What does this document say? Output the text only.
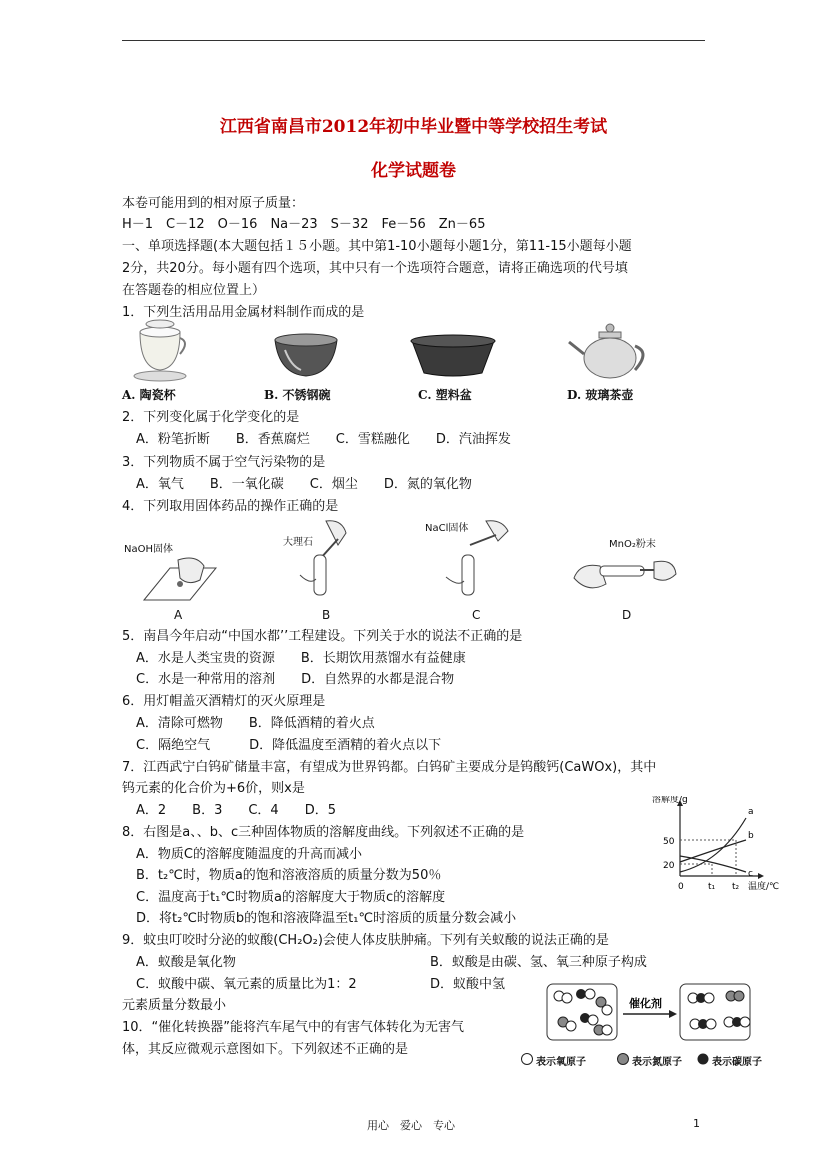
江西省南昌市2012年初中毕业暨中等学校招生考试
化学试题卷
本卷可能用到的相对原子质量：
H－1　C－12　O－16　Na－23　S－32　Fe－56　Zn－65
一、单项选择题(本大题包括１５小题。其中第1-10小题每小题1分，第11-15小题每小题
2分，共20分。每小题有四个选项，其中只有一个选项符合题意，请将正确选项的代号填
在答题卷的相应位置上）
1．下列生活用品用金属材料制作而成的是
A. 陶瓷杯	B. 不锈钢碗	C. 塑料盆	D. 玻璃茶壶
2．下列变化属于化学变化的是
A．粉笔折断　　B．香蕉腐烂　　C．雪糕融化　　D．汽油挥发
3．下列物质不属于空气污染物的是
A．氧气　　B．一氧化碳　　C．烟尘　　D．氮的氧化物
4．下列取用固体药品的操作正确的是
NaOH固体
大理石
NaCl固体
MnO₂粉末
A	B	C	D
5．南昌今年启动“中国水都’’工程建设。下列关于水的说法不正确的是
A．水是人类宝贵的资源　　B．长期饮用蒸馏水有益健康
C．水是一种常用的溶剂　　D．自然界的水都是混合物
6．用灯帽盖灭酒精灯的灭火原理是
A．清除可燃物　　B．降低酒精的着火点
C．隔绝空气　　　D．降低温度至酒精的着火点以下
7．江西武宁白钨矿储量丰富，有望成为世界钨都。白钨矿主要成分是钨酸钙(CaWOx)，其中
钨元素的化合价为+6价，则x是
A．2　　B．3　　C．4　　D．5
8．右图是a、、b、c三种固体物质的溶解度曲线。下列叙述不正确的是
A．物质C的溶解度随温度的升高而减小
B．t₂℃时，物质a的饱和溶液溶质的质量分数为50％
C．温度高于t₁℃时物质a的溶解度大于物质c的溶解度
D．将t₂℃时物质b的饱和溶液降温至t₁℃时溶质的质量分数会减小
溶解度/g
50
20
0	t₁ t₂ 温度/℃
a
b
c
9．蚊虫叮咬时分泌的蚁酸(CH₂O₂)会使人体皮肤肿痛。下列有关蚁酸的说法正确的是
A．蚁酸是氧化物	B．蚁酸是由碳、氢、氧三种原子构成
C．蚁酸中碳、氧元素的质量比为1：2	D．蚁酸中氢
元素质量分数最小
10．“催化转换器”能将汽车尾气中的有害气体转化为无害气
体，其反应微观示意图如下。下列叙述不正确的是
催化剂
表示氧原子	表示氮原子	表示碳原子
用心　爱心　专心	1
